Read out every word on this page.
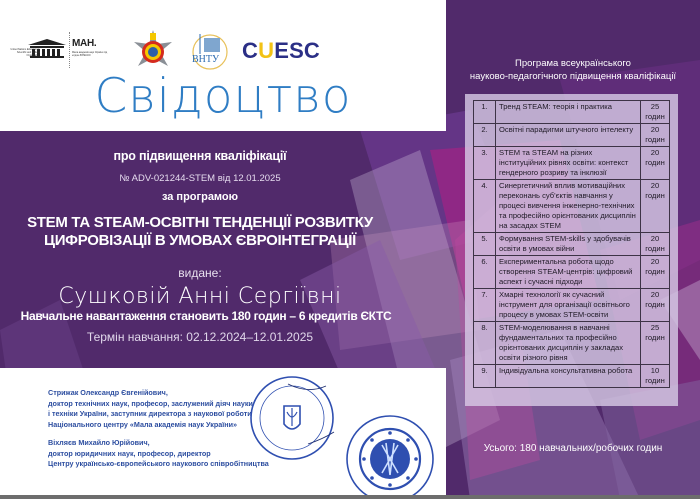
United Nations Educational, Scientific and Cultural Organization
МАН.
Мала академія наук України під егідою ЮНЕСКО	ВНТУ CUESC
Свідоцтво
про підвищення кваліфікації
№ ADV-021244-STEM від 12.01.2025
за програмою
STEM ТА STEAM-ОСВІТНІ ТЕНДЕНЦІЇ РОЗВИТКУ
ЦИФРОВІЗАЦІЇ В УМОВАХ ЄВРОІНТЕГРАЦІЇ
видане:
Сушковій Анні Сергіївні
Навчальне навантаження становить 180 годин – 6 кредитів ЄКТС
Термін навчання: 02.12.2024–12.01.2025
Стрижак Олександр Євгенійович,
доктор технічних наук, професор, заслужений діяч науки
і техніки України, заступник директора з наукової роботи
Національного центру «Мала академія наук України»
Віхляєв Михайло Юрійович,
доктор юридичних наук, професор, директор
Центру українсько-європейського наукового співробітництва
Програма всеукраїнського
науково-педагогічного підвищення кваліфікації
1.	Тренд STEAM: теорія і практика	25
годин

2.	Освітні парадигми штучного інтелекту	20
годин

3.	STEM та STEAM на різних інституційних рівнях освіти: контекст гендерного розриву та інклюзії	20
годин

4.	Синергетичний вплив мотиваційних переконань суб'єктів навчання у процесі вивчення інженерно-технічних та професійно орієнтованих дисциплін на засадах STEM	20
годин

5.	Формування STEM-skills у здобувачів освіти в умовах війни	20
годин

6.	Експериментальна робота щодо створення STEAM-центрів: цифровий аспект і сучасні підходи	20
годин

7.	Хмарні технології як сучасний інструмент для організації освітнього процесу в умовах STEM-освіти	20
годин

8.	STEM-моделювання в навчанні фундаментальних та професійно орієнтованих дисциплін у закладах освіти різного рівня	25
годин

9.	Індивідуальна консультативна робота	10
годин
Усього: 180 навчальних/робочих годин
